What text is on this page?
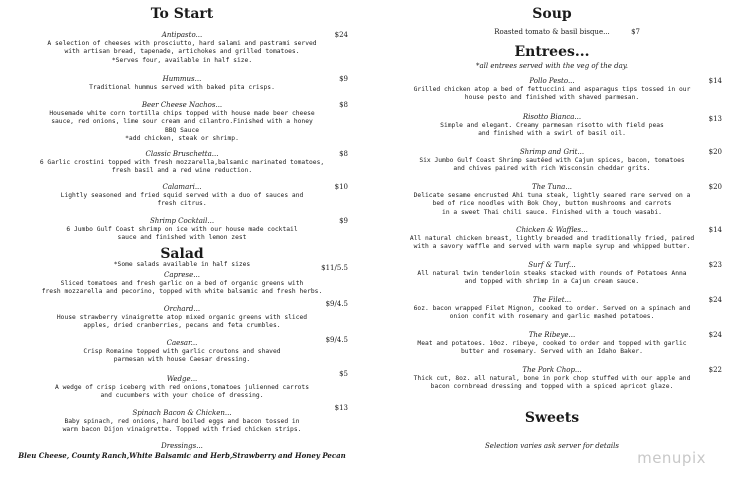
To Start
Antipasto...	$24
A selection of cheeses with prosciutto, hard salami and pastrami served
with artisan bread, tapenade, artichokes and grilled tomatoes.
*Serves four, available in half size.
Hummus...	$9
Traditional hummus served with baked pita crisps.
Beer Cheese Nachos...	$8
Housemade white corn tortilla chips topped with house made beer cheese
sauce, red onions, lime sour cream and cilantro.Finished with a honey
BBQ Sauce
*add chicken, steak or shrimp.
Classic Bruschetta...	$8
6 Garlic crostini topped with fresh mozzarella,balsamic marinated tomatoes,
fresh basil and a red wine reduction.
Calamari...	$10
Lightly seasoned and fried squid served with a duo of sauces and
fresh citrus.
Shrimp Cocktail...	$9
6 Jumbo Gulf Coast shrimp on ice with our house made cocktail
sauce and finished with lemon zest
Salad
*Some salads available in half sizes
Caprese...
$11/5.5
Sliced tomatoes and fresh garlic on a bed of organic greens with
fresh mozzarella and pecorino, topped with white balsamic and fresh herbs.
Orchard...
$9/4.5
House strawberry vinaigrette atop mixed organic greens with sliced
apples, dried cranberries, pecans and feta crumbles.
Caesar...	$9/4.5
Crisp Romaine topped with garlic croutons and shaved
parmesan with house Caesar dressing.
Wedge...
$5
A wedge of crisp iceberg with red onions,tomatoes julienned carrots
and cucumbers with your choice of dressing.
Spinach Bacon & Chicken...
$13
Baby spinach, red onions, hard boiled eggs and bacon tossed in
warm bacon Dijon vinaigrette. Topped with fried chicken strips.
Dressings...
Bleu Cheese, County Ranch,White Balsamic and Herb,Strawberry and Honey Pecan
Soup
Roasted tomato & basil bisque...	$7
Entrees...
*all entrees served with the veg of the day.
Pollo Pesto...	$14
Grilled chicken atop a bed of fettuccini and asparagus tips tossed in our
house pesto and finished with shaved parmesan.
Risotto Bianca...	$13
Simple and elegant. Creamy parmesan risotto with field peas
and finished with a swirl of basil oil.
Shrimp and Grit...	$20
Six Jumbo Gulf Coast Shrimp sautéed with Cajun spices, bacon, tomatoes
and chives paired with rich Wisconsin cheddar grits.
The Tuna...	$20
Delicate sesame encrusted Ahi tuna steak, lightly seared rare served on a
bed of rice noodles with Bok Choy, button mushrooms and carrots
in a sweet Thai chili sauce. Finished with a touch wasabi.
Chicken & Waffles...	$14
All natural chicken breast, lightly breaded and traditionally fried, paired
with a savory waffle and served with warm maple syrup and whipped butter.
Surf & Turf...	$23
All natural twin tenderloin steaks stacked with rounds of Potatoes Anna
and topped with shrimp in a Cajun cream sauce.
The Filet...	$24
6oz. bacon wrapped Filet Mignon, cooked to order. Served on a spinach and
onion confit with rosemary and garlic mashed potatoes.
The Ribeye...	$24
Meat and potatoes. 10oz. ribeye, cooked to order and topped with garlic
butter and rosemary. Served with an Idaho Baker.
The Pork Chop...	$22
Thick cut, 8oz. all natural, bone in pork chop stuffed with our apple and
bacon cornbread dressing and topped with a spiced apricot glaze.
Sweets
Selection varies ask server for details
menupix
